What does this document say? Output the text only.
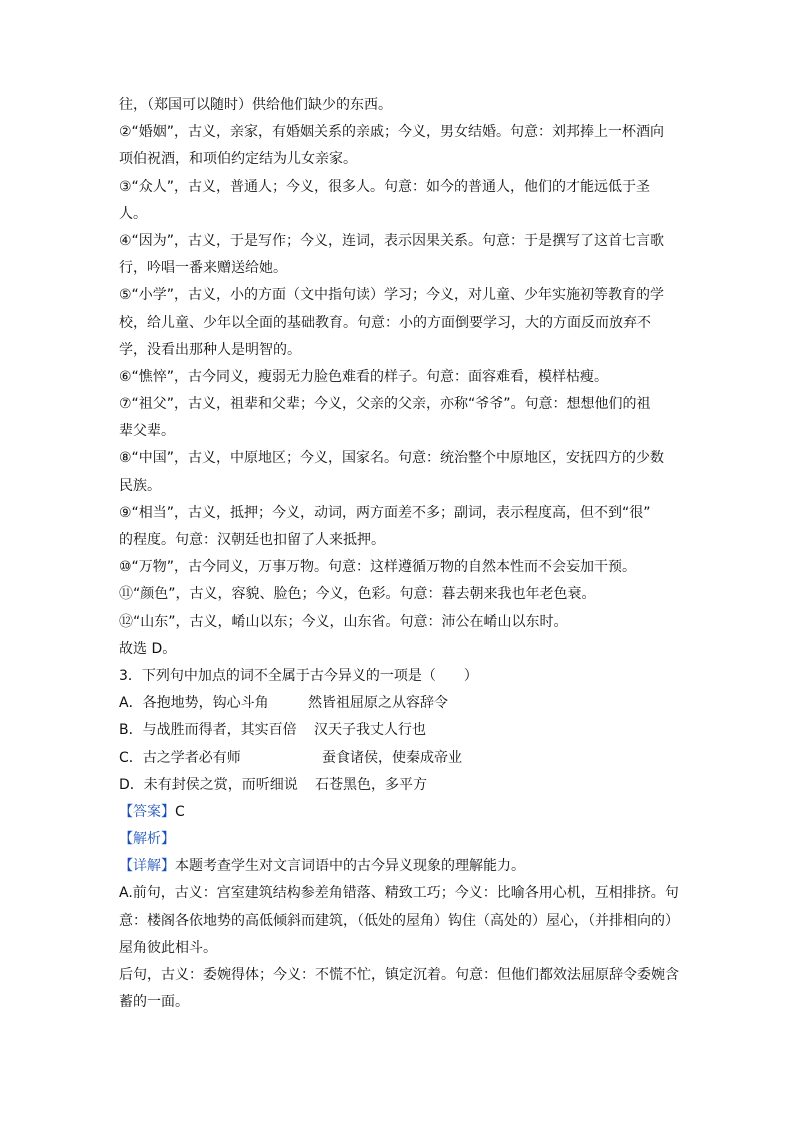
往，（郑国可以随时）供给他们缺少的东西。
②“婚姻”，古义，亲家，有婚姻关系的亲戚；今义，男女结婚。句意：刘邦捧上一杯酒向
项伯祝酒，和项伯约定结为儿女亲家。
③“众人”，古义，普通人；今义，很多人。句意：如今的普通人，他们的才能远低于圣
人。
④“因为”，古义，于是写作；今义，连词，表示因果关系。句意：于是撰写了这首七言歌
行，吟唱一番来赠送给她。
⑤“小学”，古义，小的方面（文中指句读）学习；今义，对儿童、少年实施初等教育的学
校，给儿童、少年以全面的基础教育。句意：小的方面倒要学习，大的方面反而放弃不
学，没看出那种人是明智的。
⑥“憔悴”，古今同义，瘦弱无力脸色难看的样子。句意：面容难看，模样枯瘦。
⑦“祖父”，古义，祖辈和父辈；今义，父亲的父亲，亦称“爷爷”。句意：想想他们的祖
辈父辈。
⑧“中国”，古义，中原地区；今义，国家名。句意：统治整个中原地区，安抚四方的少数
民族。
⑨“相当”，古义，抵押；今义，动词，两方面差不多；副词，表示程度高，但不到“很”
的程度。句意：汉朝廷也扣留了人来抵押。
⑩“万物”，古今同义，万事万物。句意：这样遵循万物的自然本性而不会妄加干预。
⑪“颜色”，古义，容貌、脸色；今义，色彩。句意：暮去朝来我也年老色衰。
⑫“山东”，古义，崤山以东；今义，山东省。句意：沛公在崤山以东时。
故选 D。
3．下列句中加点的词不全属于古今异义的一项是（　　）
A．各抱地势，钩心斗角	然皆祖屈原之从容辞令
B．与战胜而得者，其实百倍	汉天子我丈人行也
C．古之学者必有师	蚕食诸侯，使秦成帝业
D．未有封侯之赏，而听细说	石苍黑色，多平方
【答案】C
【解析】
【详解】本题考查学生对文言词语中的古今异义现象的理解能力。
A.前句，古义：宫室建筑结构参差角错落、精致工巧；今义：比喻各用心机，互相排挤。句
意：楼阁各依地势的高低倾斜而建筑，（低处的屋角）钩住（高处的）屋心，（并排相向的）
屋角彼此相斗。
后句，古义：委婉得体；今义：不慌不忙，镇定沉着。句意：但他们都效法屈原辞令委婉含
蓄的一面。
